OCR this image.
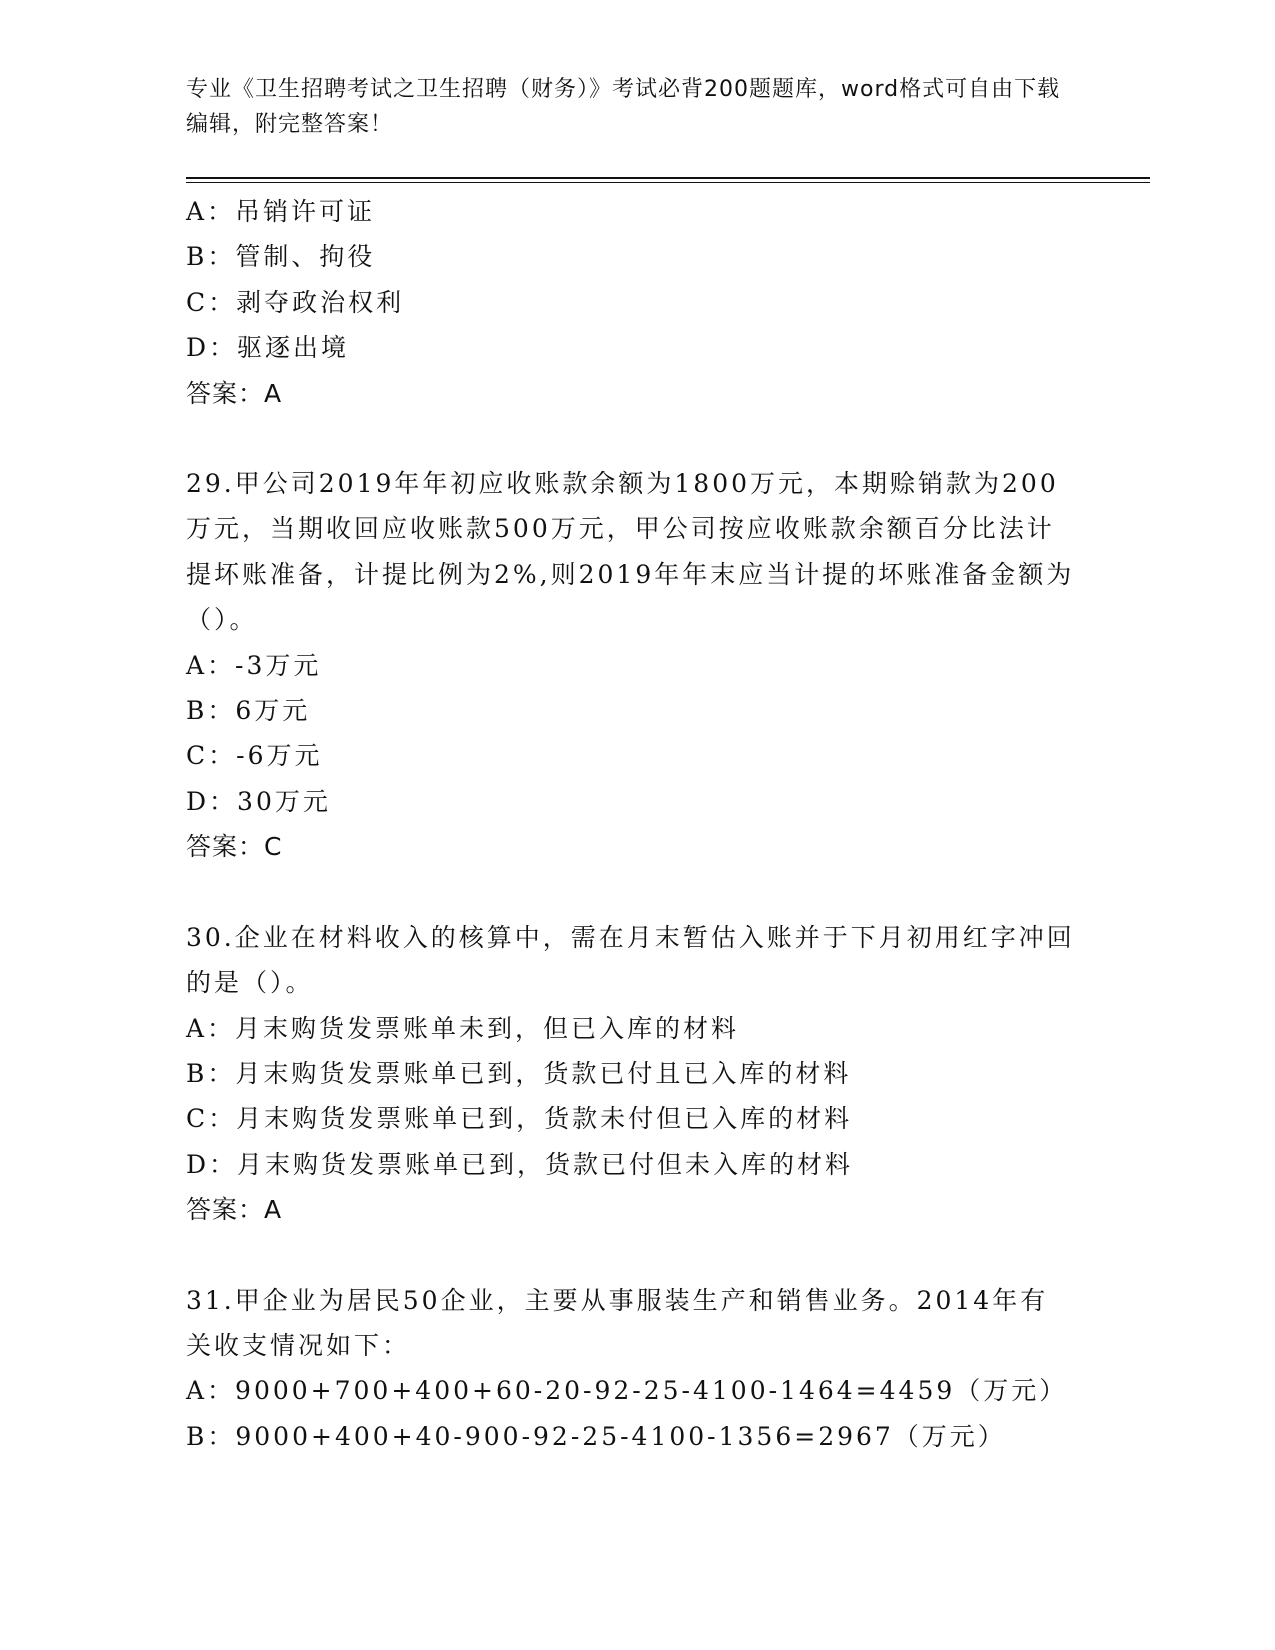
专业《卫生招聘考试之卫生招聘（财务）》考试必背200题题库，word格式可自由下载编辑，附完整答案！
A：吊销许可证
B：管制、拘役
C：剥夺政治权利
D：驱逐出境
答案：A
29.甲公司2019年年初应收账款余额为1800万元，本期赊销款为200万元，当期收回应收账款500万元，甲公司按应收账款余额百分比法计提坏账准备，计提比例为2%,则2019年年末应当计提的坏账准备金额为（）。
A：-3万元
B：6万元
C：-6万元
D：30万元
答案：C
30.企业在材料收入的核算中，需在月末暂估入账并于下月初用红字冲回的是（）。
A：月末购货发票账单未到，但已入库的材料
B：月末购货发票账单已到，货款已付且已入库的材料
C：月末购货发票账单已到，货款未付但已入库的材料
D：月末购货发票账单已到，货款已付但未入库的材料
答案：A
31.甲企业为居民50企业，主要从事服装生产和销售业务。2014年有关收支情况如下：
A：9000+700+400+60-20-92-25-4100-1464=4459（万元）
B：9000+400+40-900-92-25-4100-1356=2967（万元）
